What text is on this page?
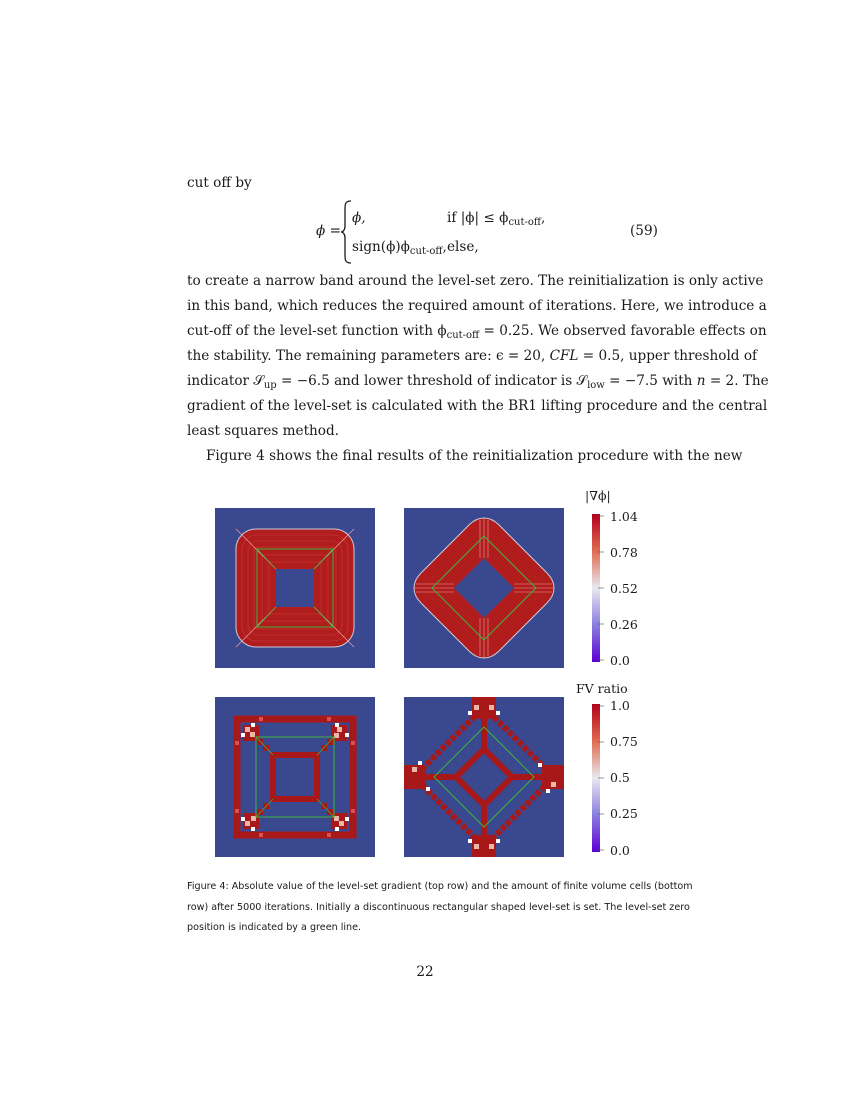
cut off by
ϕ =
ϕ,	if $|\phi| \le \phi_{cut-off}$,
$sign(\phi)\phi_{cut-off}$, else,
(59)
to create a narrow band around the level-set zero. The reinitialization is only active
in this band, which reduces the required amount of iterations. Here, we introduce a
cut-off of the level-set function with $\phi_{cut-off} = 0.25$. We observed favorable effects on
the stability. The remaining parameters are: ϵ = 20, CFL = 0.5, upper threshold of
indicator 𝒮$_{up}$ = −6.5 and lower threshold of indicator is 𝒮$_{low}$ = −7.5 with n = 2. The
gradient of the level-set is calculated with the BR1 lifting procedure and the central
least squares method.
Figure 4 shows the final results of the reinitialization procedure with the new
|∇ϕ|
1.04
0.78
0.52
0.26
0.0
FV ratio
1.0
0.75
0.5
0.25
0.0
Figure 4: Absolute value of the level-set gradient (top row) and the amount of finite volume cells (bottom
row) after 5000 iterations. Initially a discontinuous rectangular shaped level-set is set. The level-set zero
position is indicated by a green line.
22
